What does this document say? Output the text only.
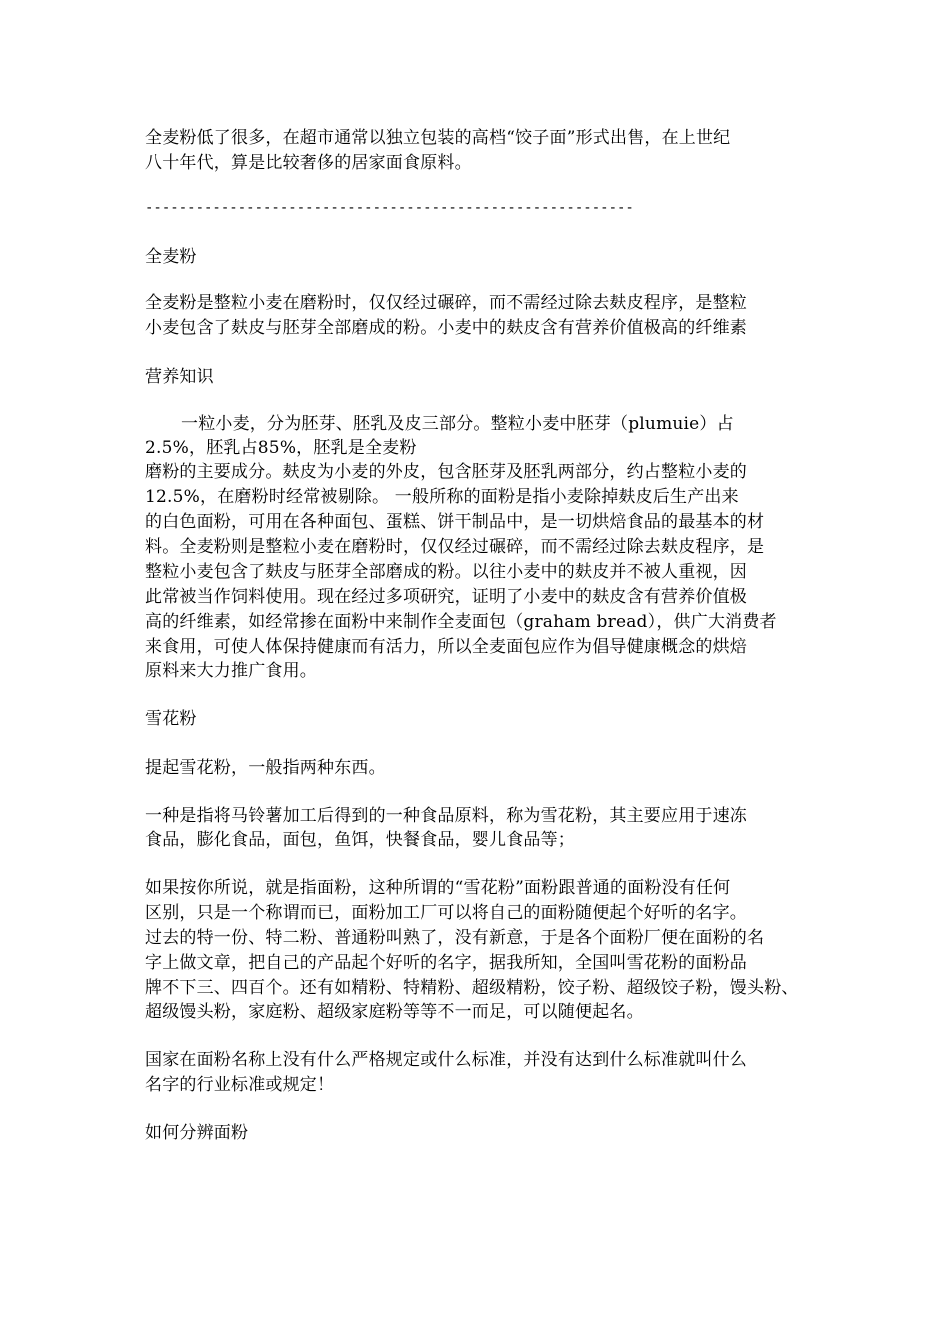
全麦粉低了很多，在超市通常以独立包装的高档“饺子面”形式出售，在上世纪
八十年代，算是比较奢侈的居家面食原料。
----------------------------------------------------------
全麦粉
全麦粉是整粒小麦在磨粉时，仅仅经过碾碎，而不需经过除去麸皮程序，是整粒
小麦包含了麸皮与胚芽全部磨成的粉。小麦中的麸皮含有营养价值极高的纤维素
营养知识
一粒小麦，分为胚芽、胚乳及皮三部分。整粒小麦中胚芽（plumuie）占
2.5%，胚乳占85%，胚乳是全麦粉
磨粉的主要成分。麸皮为小麦的外皮，包含胚芽及胚乳两部分，约占整粒小麦的
12.5%，在磨粉时经常被剔除。 一般所称的面粉是指小麦除掉麸皮后生产出来
的白色面粉，可用在各种面包、蛋糕、饼干制品中，是一切烘焙食品的最基本的材
料。全麦粉则是整粒小麦在磨粉时，仅仅经过碾碎，而不需经过除去麸皮程序，是
整粒小麦包含了麸皮与胚芽全部磨成的粉。以往小麦中的麸皮并不被人重视，因
此常被当作饲料使用。现在经过多项研究，证明了小麦中的麸皮含有营养价值极
高的纤维素，如经常掺在面粉中来制作全麦面包（graham bread），供广大消费者
来食用，可使人体保持健康而有活力，所以全麦面包应作为倡导健康概念的烘焙
原料来大力推广食用。
雪花粉
提起雪花粉，一般指两种东西。
一种是指将马铃薯加工后得到的一种食品原料，称为雪花粉，其主要应用于速冻
食品，膨化食品，面包，鱼饵，快餐食品，婴儿食品等；
如果按你所说，就是指面粉，这种所谓的“雪花粉”面粉跟普通的面粉没有任何
区别，只是一个称谓而已，面粉加工厂可以将自己的面粉随便起个好听的名字。
过去的特一份、特二粉、普通粉叫熟了，没有新意，于是各个面粉厂便在面粉的名
字上做文章，把自己的产品起个好听的名字，据我所知，全国叫雪花粉的面粉品
牌不下三、四百个。还有如精粉、特精粉、超级精粉，饺子粉、超级饺子粉，馒头粉、
超级馒头粉，家庭粉、超级家庭粉等等不一而足，可以随便起名。
国家在面粉名称上没有什么严格规定或什么标准，并没有达到什么标准就叫什么
名字的行业标准或规定！
如何分辨面粉
